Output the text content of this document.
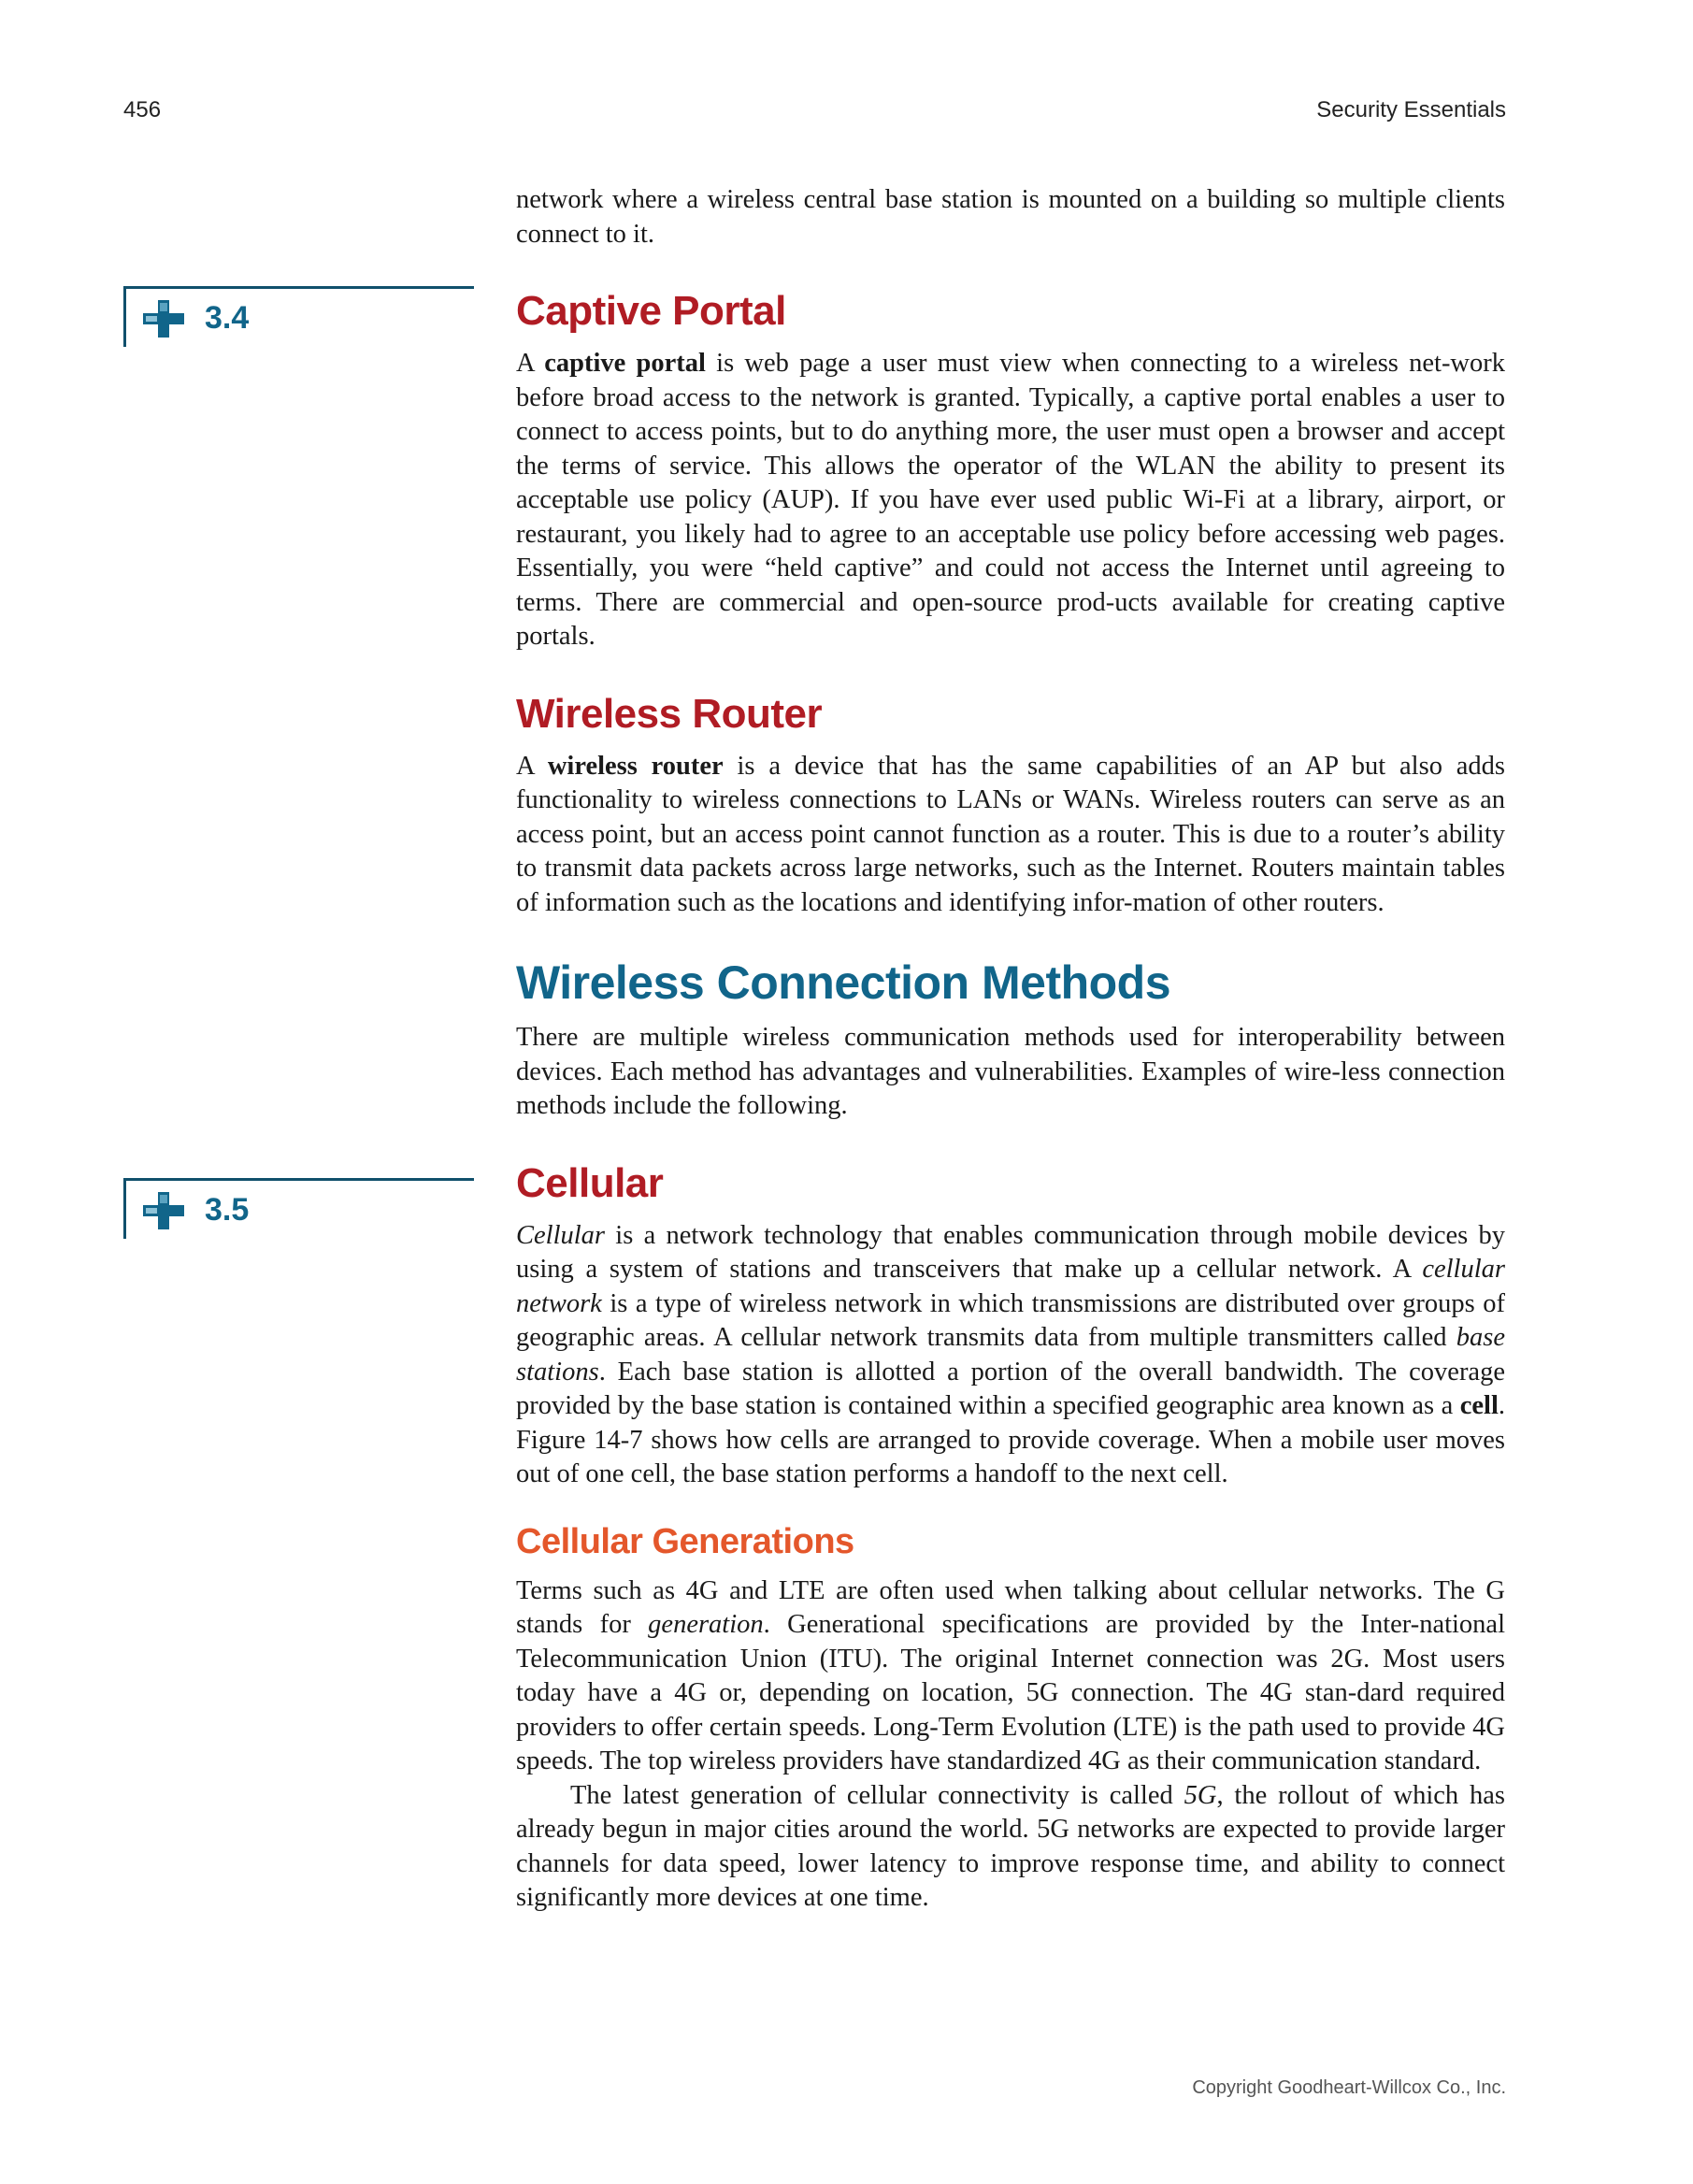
456	Security Essentials
3.4
3.5

network where a wireless central base station is mounted on a building so multiple clients connect to it.

Captive Portal

A captive portal is web page a user must view when connecting to a wireless net-work before broad access to the network is granted. Typically, a captive portal enables a user to connect to access points, but to do anything more, the user must open a browser and accept the terms of service. This allows the operator of the WLAN the ability to present its acceptable use policy (AUP). If you have ever used public Wi-Fi at a library, airport, or restaurant, you likely had to agree to an acceptable use policy before accessing web pages. Essentially, you were “held captive” and could not access the Internet until agreeing to terms. There are commercial and open-source prod-ucts available for creating captive portals.

Wireless Router

A wireless router is a device that has the same capabilities of an AP but also adds functionality to wireless connections to LANs or WANs. Wireless routers can serve as an access point, but an access point cannot function as a router. This is due to a router’s ability to transmit data packets across large networks, such as the Internet. Routers maintain tables of information such as the locations and identifying infor-mation of other routers.

Wireless Connection Methods

There are multiple wireless communication methods used for interoperability between devices. Each method has advantages and vulnerabilities. Examples of wire-less connection methods include the following.

Cellular

Cellular is a network technology that enables communication through mobile devices by using a system of stations and transceivers that make up a cellular network. A cellular network is a type of wireless network in which transmissions are distributed over groups of geographic areas. A cellular network transmits data from multiple transmitters called base stations. Each base station is allotted a portion of the overall bandwidth. The coverage provided by the base station is contained within a specified geographic area known as a cell. Figure 14-7 shows how cells are arranged to provide coverage. When a mobile user moves out of one cell, the base station performs a handoff to the next cell.

Cellular Generations

Terms such as 4G and LTE are often used when talking about cellular networks. The G stands for generation. Generational specifications are provided by the Inter-national Telecommunication Union (ITU). The original Internet connection was 2G. Most users today have a 4G or, depending on location, 5G connection. The 4G stan-dard required providers to offer certain speeds. Long-Term Evolution (LTE) is the path used to provide 4G speeds. The top wireless providers have standardized 4G as their communication standard.

The latest generation of cellular connectivity is called 5G, the rollout of which has already begun in major cities around the world. 5G networks are expected to provide larger channels for data speed, lower latency to improve response time, and ability to connect significantly more devices at one time.

Copyright Goodheart-Willcox Co., Inc.
